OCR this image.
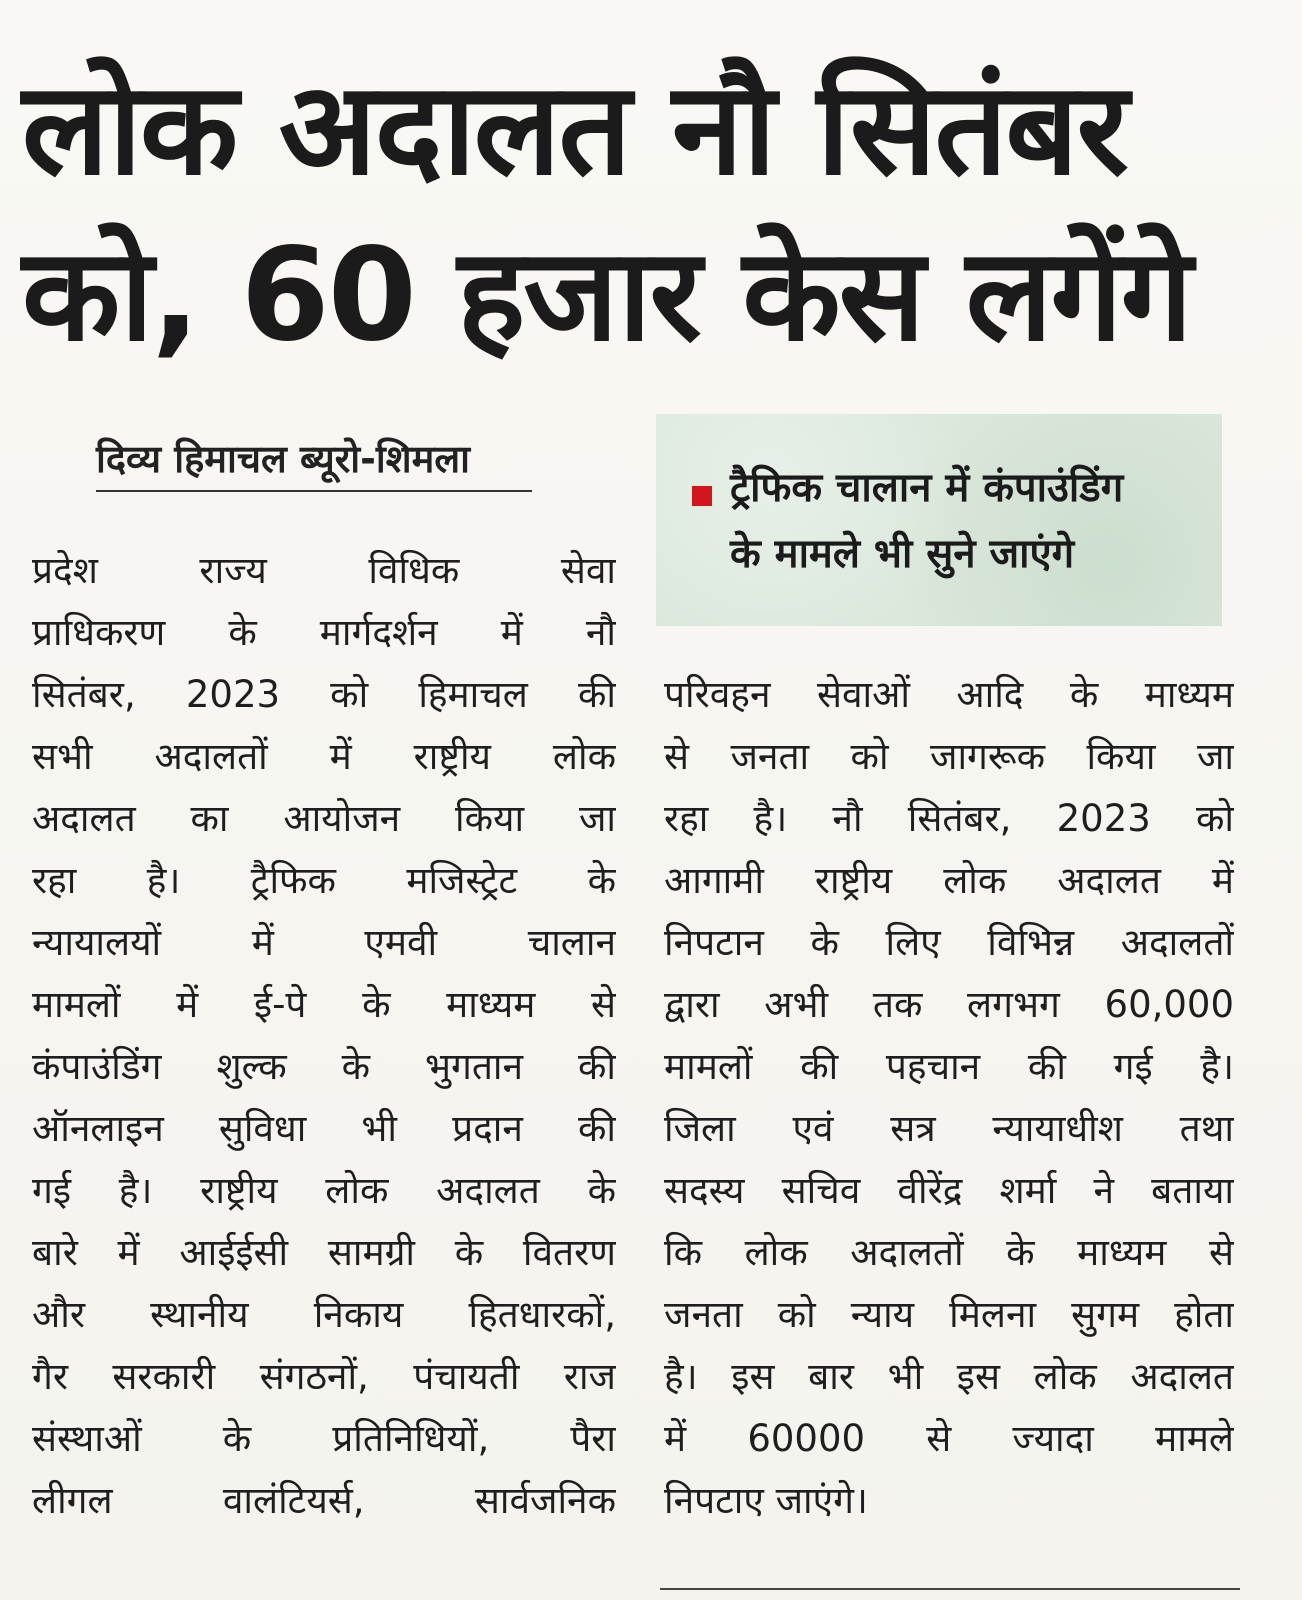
लोक अदालत नौ सितंबर
को, 60 हजार केस लगेंगे

दिव्य हिमाचल ब्यूरो-शिमला

ट्रैफिक चालान में कंपाउंडिंग

के मामले भी सुने जाएंगे

प्रदेश राज्य विधिक सेवा
प्राधिकरण के मार्गदर्शन में नौ
सितंबर, 2023 को हिमाचल की
सभी अदालतों में राष्ट्रीय लोक
अदालत का आयोजन किया जा
रहा है। ट्रैफिक मजिस्ट्रेट के
न्यायालयों में एमवी चालान
मामलों में ई-पे के माध्यम से
कंपाउंडिंग शुल्क के भुगतान की
ऑनलाइन सुविधा भी प्रदान की
गई है। राष्ट्रीय लोक अदालत के
बारे में आईईसी सामग्री के वितरण
और स्थानीय निकाय हितधारकों,
गैर सरकारी संगठनों, पंचायती राज
संस्थाओं के प्रतिनिधियों, पैरा
लीगल वालंटियर्स, सार्वजनिक
परिवहन सेवाओं आदि के माध्यम
से जनता को जागरूक किया जा
रहा है। नौ सितंबर, 2023 को
आगामी राष्ट्रीय लोक अदालत में
निपटान के लिए विभिन्न अदालतों
द्वारा अभी तक लगभग 60,000
मामलों की पहचान की गई है।
जिला एवं सत्र न्यायाधीश तथा
सदस्य सचिव वीरेंद्र शर्मा ने बताया
कि लोक अदालतों के माध्यम से
जनता को न्याय मिलना सुगम होता
है। इस बार भी इस लोक अदालत
में 60000 से ज्यादा मामले
निपटाए जाएंगे।
